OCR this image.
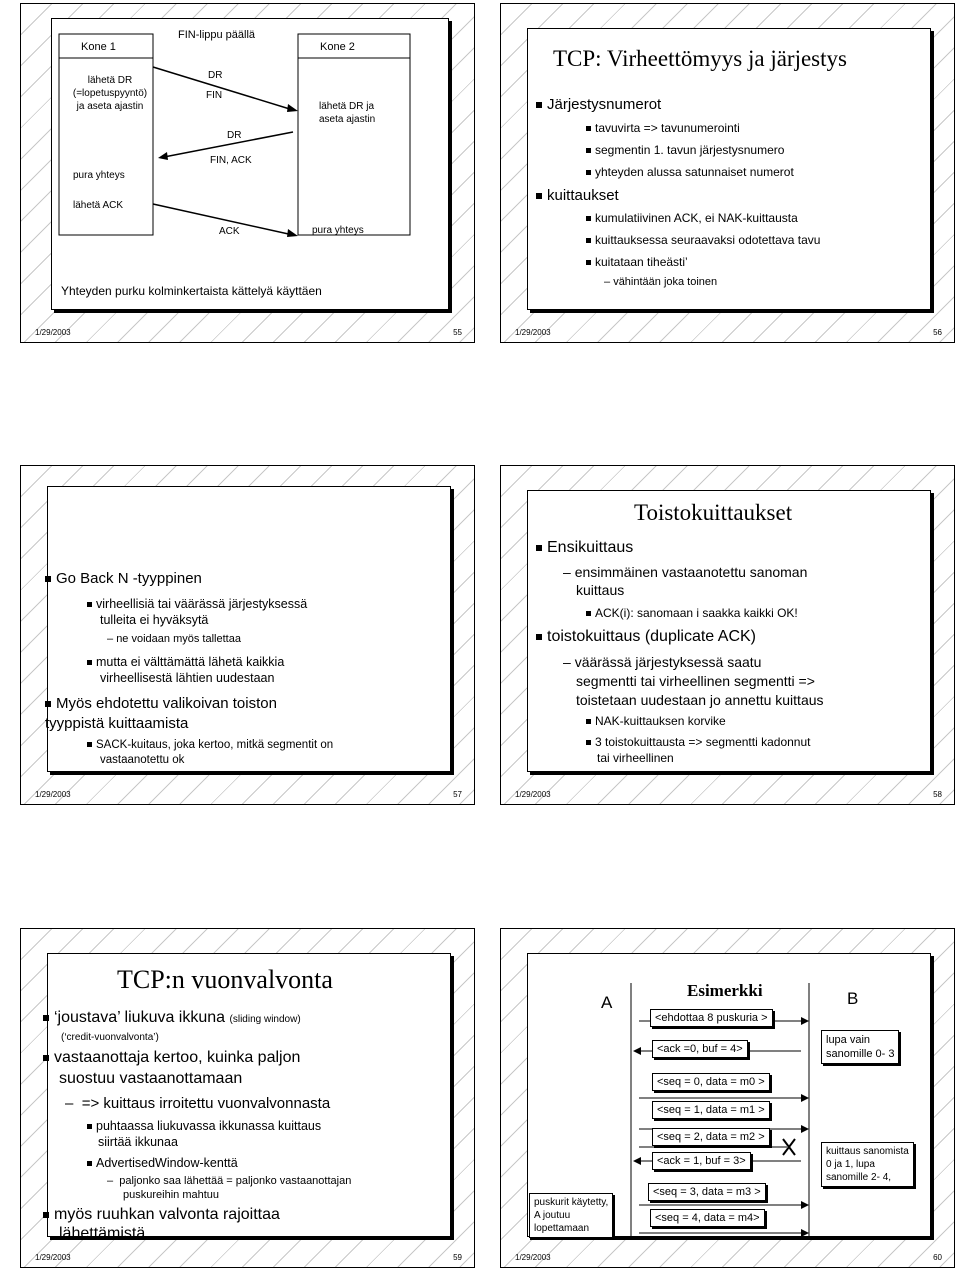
Kone 1
FIN-lippu päällä
Kone 2
lähetä DR
(=lopetuspyyntö)
ja aseta ajastin
pura yhteys
lähetä ACK
DR
FIN
DR
FIN, ACK
ACK
lähetä DR ja
aseta ajastin
pura yhteys
Yhteyden purku kolminkertaista kättelyä käyttäen
1/29/2003	55
TCP: Virheettömyys ja järjestys
Järjestysnumerot
tavuvirta => tavunumerointi
segmentin 1. tavun järjestysnumero
yhteyden alussa satunnaiset numerot
kuittaukset
kumulatiivinen ACK, ei NAK-kuittausta
kuittauksessa seuraavaksi odotettava tavu
kuitataan tiheästi’
– vähintään joka toinen
1/29/2003	56
Go Back N -tyyppinen
virheellisiä tai väärässä järjestyksessä
tulleita ei hyväksytä
– ne voidaan myös tallettaa
mutta ei välttämättä lähetä kaikkia
virheellisestä lähtien uudestaan
Myös ehdotettu valikoivan toiston
tyyppistä kuittaamista
SACK-kuitaus, joka kertoo, mitkä segmentit on
vastaanotettu ok
1/29/2003	57
Toistokuittaukset
Ensikuittaus
– ensimmäinen vastaanotettu sanoman
kuittaus
ACK(i): sanomaan i saakka kaikki OK!
toistokuittaus (duplicate ACK)
– väärässä järjestyksessä saatu
segmentti tai virheellinen segmentti =>
toistetaan uudestaan jo annettu kuittaus
NAK-kuittauksen korvike
3 toistokuittausta => segmentti kadonnut
tai virheellinen
1/29/2003	58
TCP:n vuonvalvonta
‘joustava’ liukuva ikkuna (sliding window)
(‘credit-vuonvalvonta’)
vastaanottaja kertoo, kuinka paljon
suostuu vastaanottamaan
–  => kuittaus irroitettu vuonvalvonnasta
puhtaassa liukuvassa ikkunassa kuittaus
siirtää ikkunaa
AdvertisedWindow-kenttä
–  paljonko saa lähettää = paljonko vastaanottajan
puskureihin mahtuu
myös ruuhkan valvonta rajoittaa
lähettämistä
1/29/2003	59
Esimerkki
A	B
<ehdottaa 8 puskuria >
<ack =0, buf = 4>
<seq = 0, data = m0 >
<seq = 1, data = m1 >
<seq = 2, data = m2 >
<ack = 1, buf = 3>
<seq = 3, data = m3 >
<seq = 4, data = m4>
lupa vain
sanomille 0- 3
kuittaus sanomista
0 ja 1, lupa
sanomille 2- 4,
puskurit käytetty,
A joutuu
lopettamaan
1/29/2003	60
